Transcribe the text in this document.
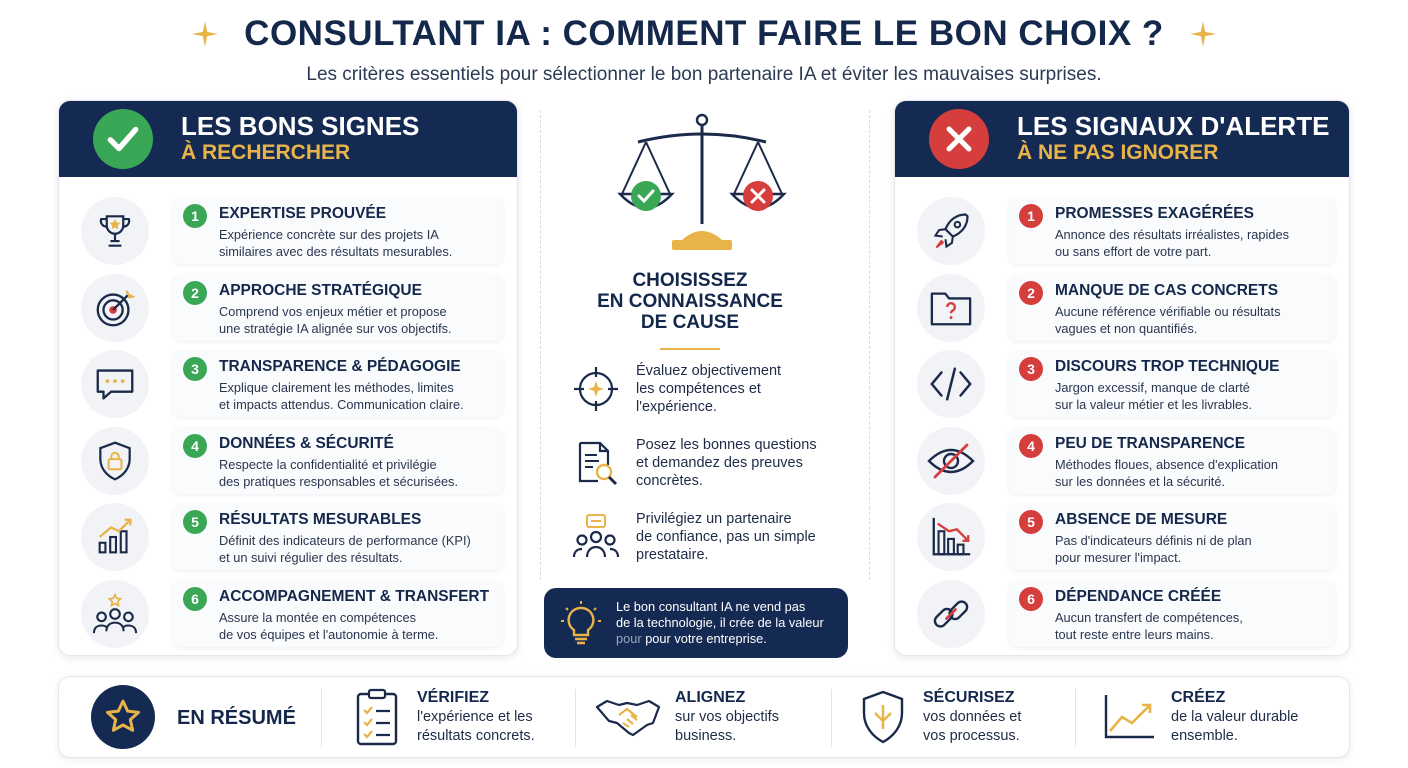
CONSULTANT IA : COMMENT FAIRE LE BON CHOIX ?
Les critères essentiels pour sélectionner le bon partenaire IA et éviter les mauvaises surprises.
LES BONS SIGNES
À RECHERCHER
1	EXPERTISE PROUVÉE
Expérience concrète sur des projets IA
similaires avec des résultats mesurables.
2	APPROCHE STRATÉGIQUE
Comprend vos enjeux métier et propose
une stratégie IA alignée sur vos objectifs.
3	TRANSPARENCE & PÉDAGOGIE
Explique clairement les méthodes, limites
et impacts attendus. Communication claire.
4	DONNÉES & SÉCURITÉ
Respecte la confidentialité et privilégie
des pratiques responsables et sécurisées.
5	RÉSULTATS MESURABLES
Définit des indicateurs de performance (KPI)
et un suivi régulier des résultats.
6	ACCOMPAGNEMENT & TRANSFERT
Assure la montée en compétences
de vos équipes et l'autonomie à terme.
CHOISISSEZ
EN CONNAISSANCE
DE CAUSE
Évaluez objectivement
les compétences et
l'expérience.
Posez les bonnes questions
et demandez des preuves
concrètes.
Privilégiez un partenaire
de confiance, pas un simple
prestataire.
Le bon consultant IA ne vend pas
de la technologie, il crée de la valeur
pour pour votre entreprise.
LES SIGNAUX D'ALERTE
À NE PAS IGNORER
1	PROMESSES EXAGÉRÉES
Annonce des résultats irréalistes, rapides
ou sans effort de votre part.
2	MANQUE DE CAS CONCRETS
Aucune référence vérifiable ou résultats
vagues et non quantifiés.
3	DISCOURS TROP TECHNIQUE
Jargon excessif, manque de clarté
sur la valeur métier et les livrables.
4	PEU DE TRANSPARENCE
Méthodes floues, absence d'explication
sur les données et la sécurité.
5	ABSENCE DE MESURE
Pas d'indicateurs définis ni de plan
pour mesurer l'impact.
6	DÉPENDANCE CRÉÉE
Aucun transfert de compétences,
tout reste entre leurs mains.
EN RÉSUMÉ
VÉRIFIEZ
l'expérience et les
résultats concrets.
ALIGNEZ
sur vos objectifs
business.
SÉCURISEZ
vos données et
vos processus.
CRÉEZ
de la valeur durable
ensemble.
